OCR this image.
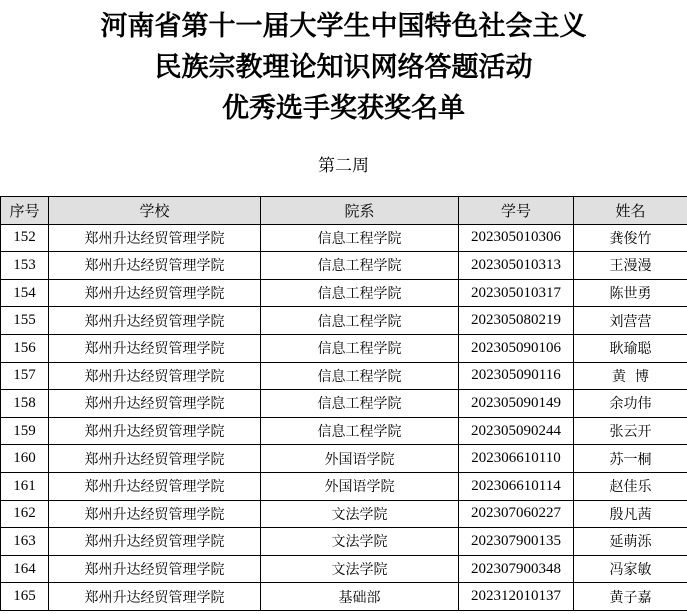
河南省第十一届大学生中国特色社会主义
民族宗教理论知识网络答题活动
优秀选手奖获奖名单
第二周
序号	学校	院系	学号	姓名
152	郑州升达经贸管理学院	信息工程学院	202305010306	龚俊竹
153	郑州升达经贸管理学院	信息工程学院	202305010313	王漫漫
154	郑州升达经贸管理学院	信息工程学院	202305010317	陈世勇
155	郑州升达经贸管理学院	信息工程学院	202305080219	刘营营
156	郑州升达经贸管理学院	信息工程学院	202305090106	耿瑜聪
157	郑州升达经贸管理学院	信息工程学院	202305090116	黄  博
158	郑州升达经贸管理学院	信息工程学院	202305090149	余功伟
159	郑州升达经贸管理学院	信息工程学院	202305090244	张云开
160	郑州升达经贸管理学院	外国语学院	202306610110	苏一桐
161	郑州升达经贸管理学院	外国语学院	202306610114	赵佳乐
162	郑州升达经贸管理学院	文法学院	202307060227	殷凡茜
163	郑州升达经贸管理学院	文法学院	202307900135	延萌泺
164	郑州升达经贸管理学院	文法学院	202307900348	冯家敏
165	郑州升达经贸管理学院	基础部	202312010137	黄子嘉
